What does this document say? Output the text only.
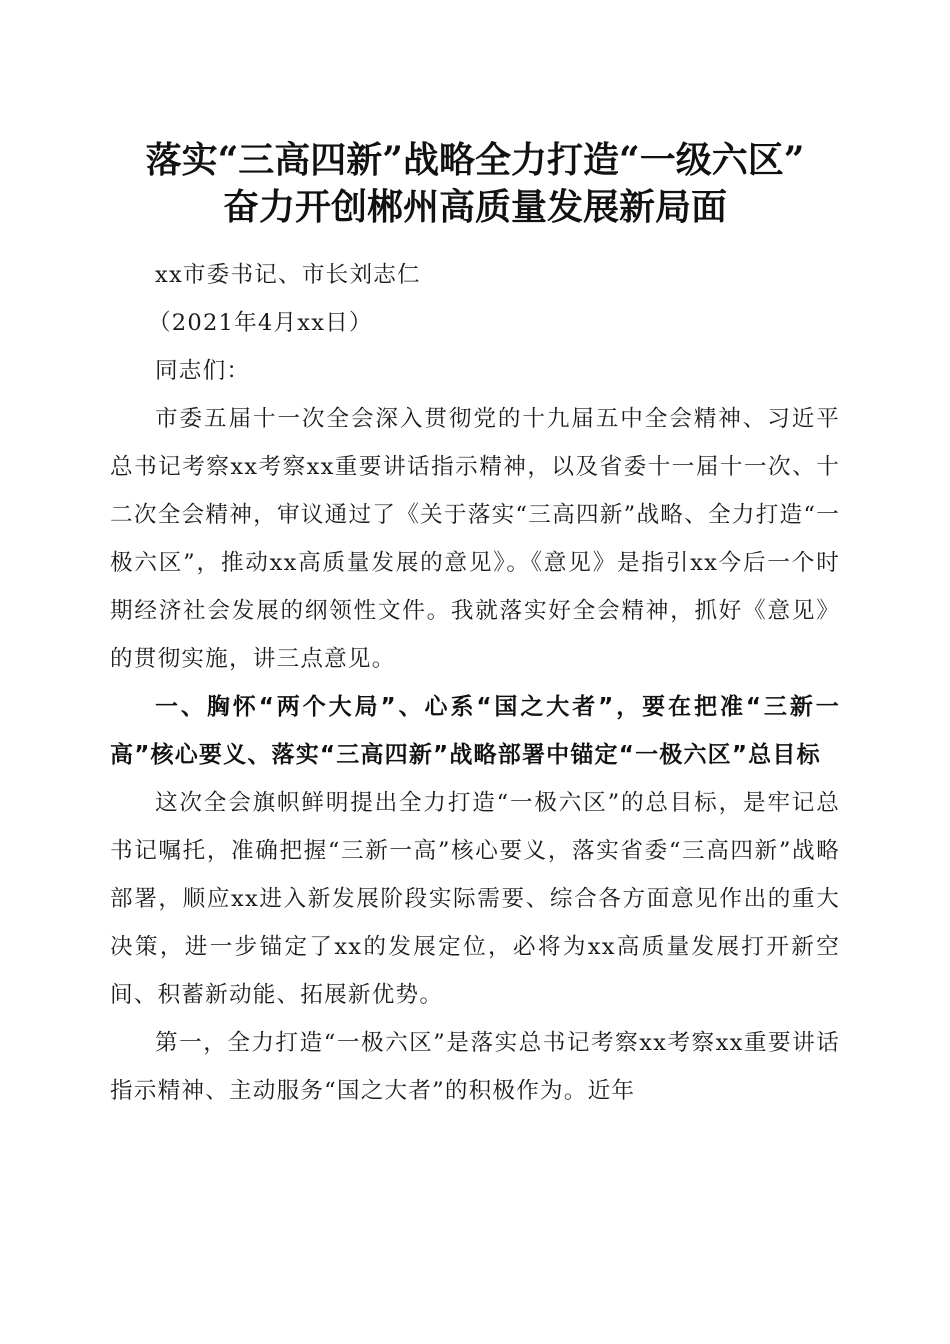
落实“三高四新”战略全力打造“一级六区”
奋力开创郴州高质量发展新局面

xx市委书记、市长刘志仁

（2021年4月xx日）

同志们：

市委五届十一次全会深入贯彻党的十九届五中全会精神、习近平总书记考察xx考察xx重要讲话指示精神，以及省委十一届十一次、十二次全会精神，审议通过了《关于落实“三高四新”战略、全力打造“一极六区”，推动xx高质量发展的意见》。《意见》是指引xx今后一个时期经济社会发展的纲领性文件。我就落实好全会精神，抓好《意见》的贯彻实施，讲三点意见。

一、胸怀“两个大局”、心系“国之大者”，要在把准“三新一高”核心要义、落实“三高四新”战略部署中锚定“一极六区”总目标

这次全会旗帜鲜明提出全力打造“一极六区”的总目标，是牢记总书记嘱托，准确把握“三新一高”核心要义，落实省委“三高四新”战略部署，顺应xx进入新发展阶段实际需要、综合各方面意见作出的重大决策，进一步锚定了xx的发展定位，必将为xx高质量发展打开新空间、积蓄新动能、拓展新优势。

第一，全力打造“一极六区”是落实总书记考察xx考察xx重要讲话指示精神、主动服务“国之大者”的积极作为。近年
